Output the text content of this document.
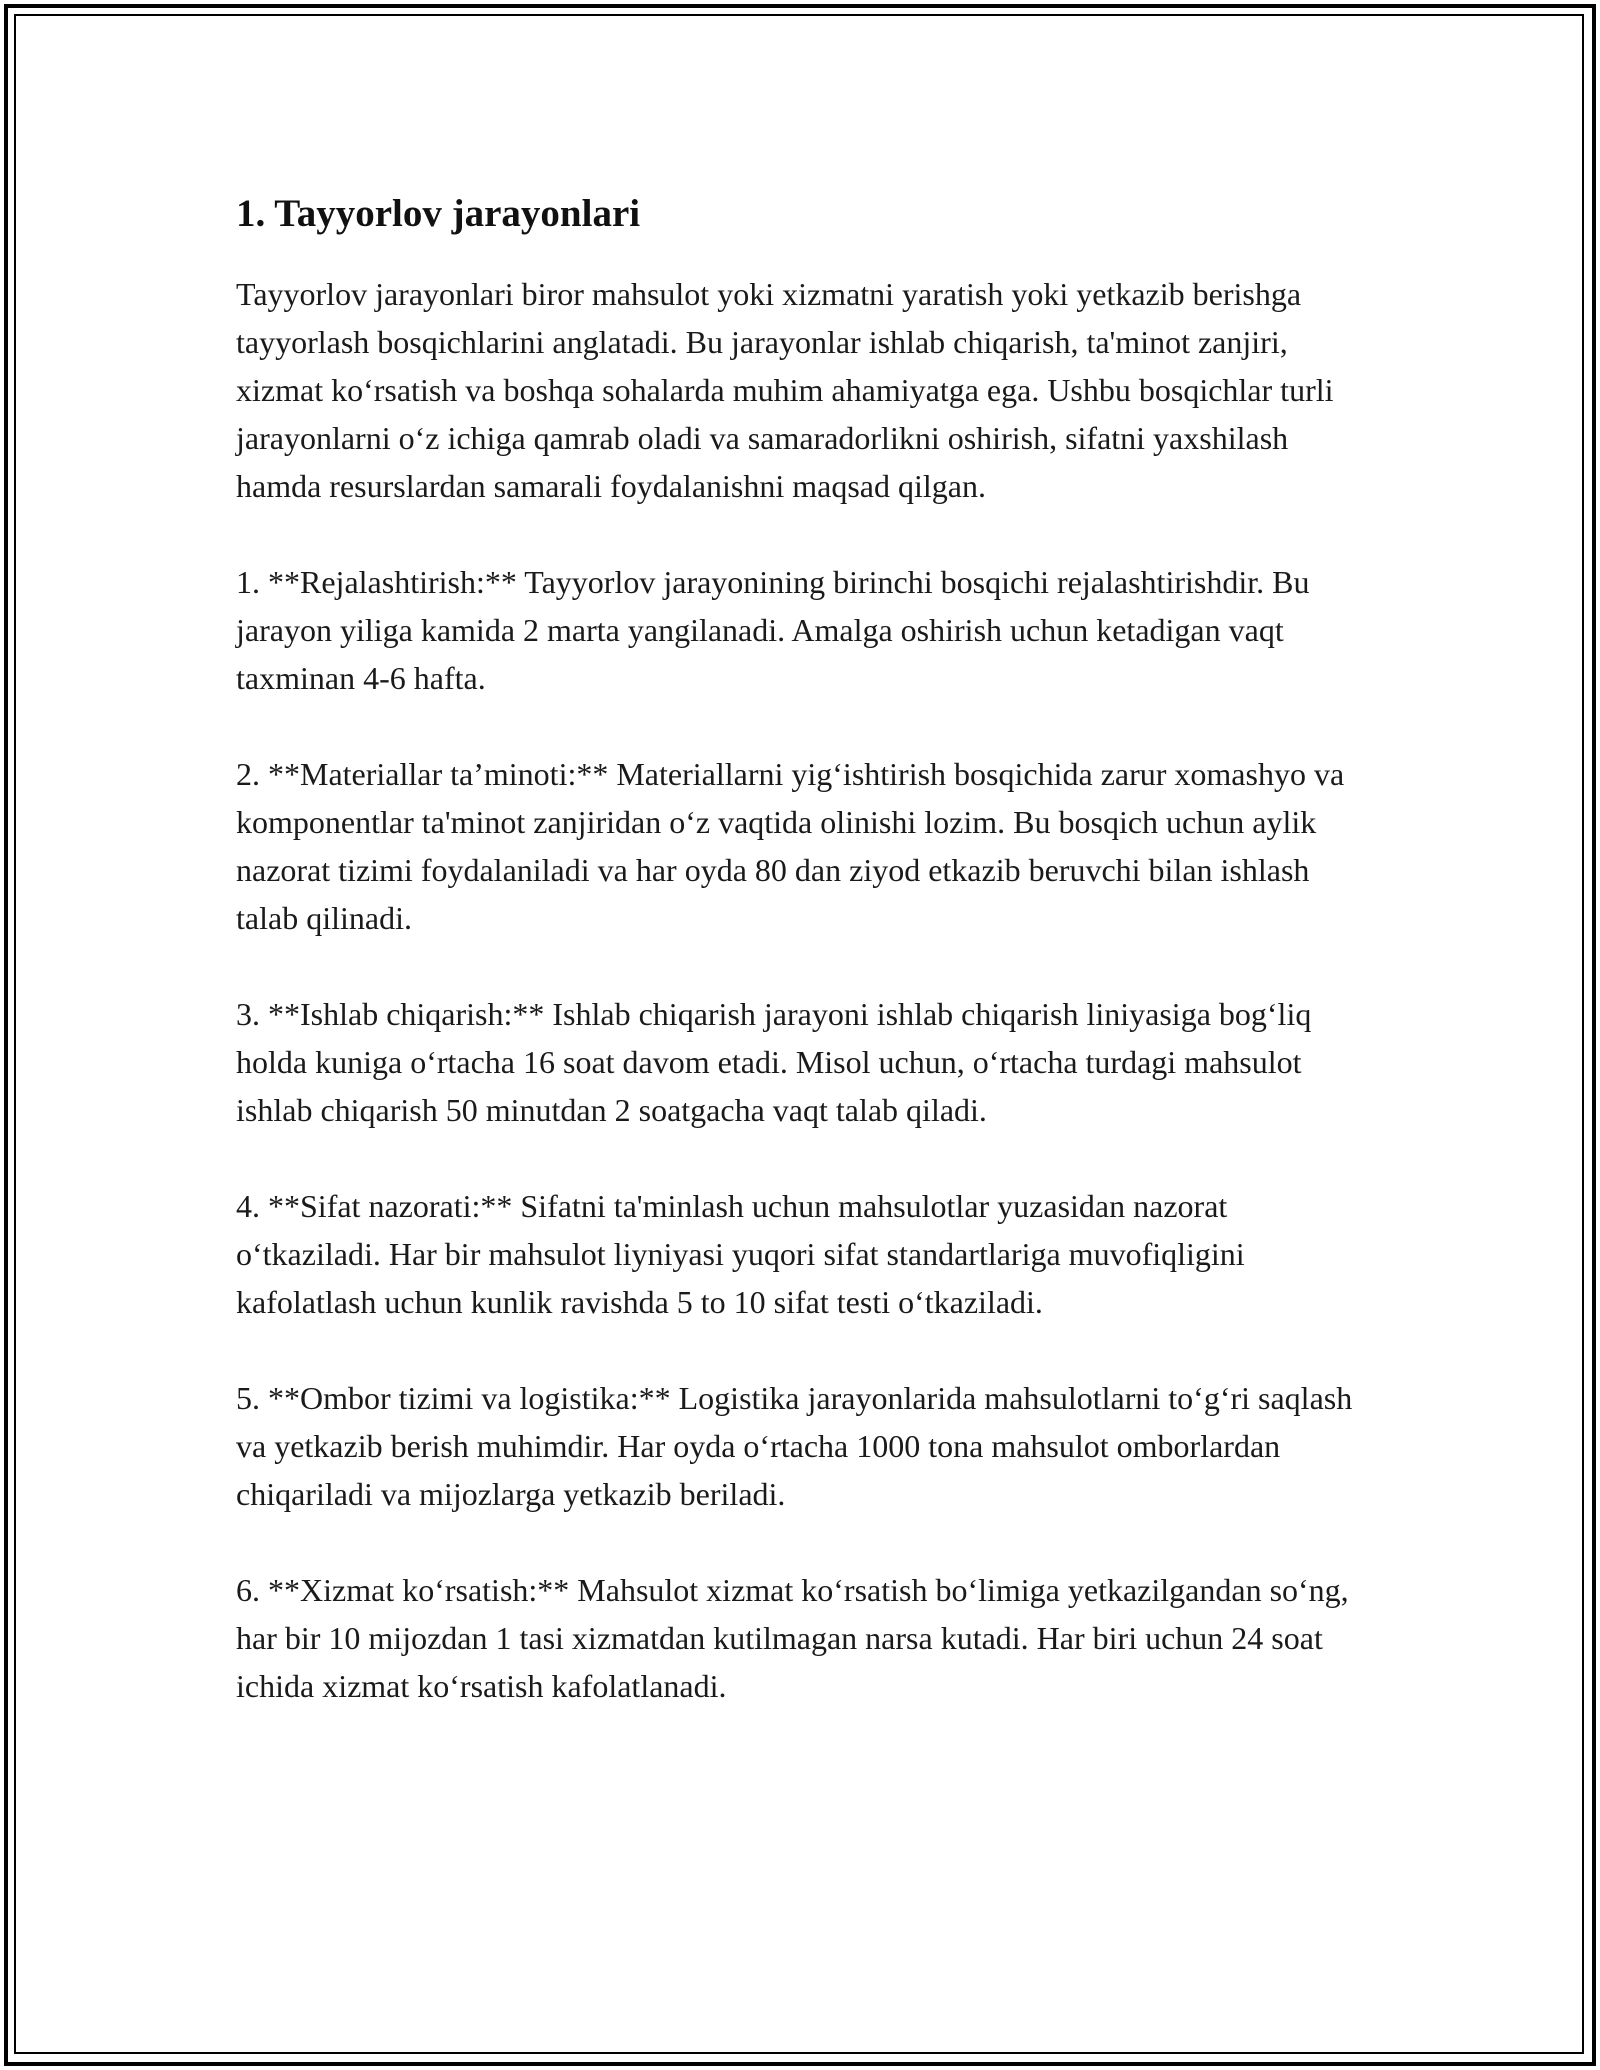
1. Tayyorlov jarayonlari

Tayyorlov jarayonlari biror mahsulot yoki xizmatni yaratish yoki yetkazib berishga tayyorlash bosqichlarini anglatadi. Bu jarayonlar ishlab chiqarish, ta'minot zanjiri, xizmat koʻrsatish va boshqa sohalarda muhim ahamiyatga ega. Ushbu bosqichlar turli jarayonlarni oʻz ichiga qamrab oladi va samaradorlikni oshirish, sifatni yaxshilash hamda resurslardan samarali foydalanishni maqsad qilgan.

1. **Rejalashtirish:** Tayyorlov jarayonining birinchi bosqichi rejalashtirishdir. Bu jarayon yiliga kamida 2 marta yangilanadi. Amalga oshirish uchun ketadigan vaqt taxminan 4-6 hafta.

2. **Materiallar ta’minoti:** Materiallarni yigʻishtirish bosqichida zarur xomashyo va komponentlar ta'minot zanjiridan oʻz vaqtida olinishi lozim. Bu bosqich uchun aylik nazorat tizimi foydalaniladi va har oyda 80 dan ziyod etkazib beruvchi bilan ishlash talab qilinadi.

3. **Ishlab chiqarish:** Ishlab chiqarish jarayoni ishlab chiqarish liniyasiga bogʻliq holda kuniga oʻrtacha 16 soat davom etadi. Misol uchun, oʻrtacha turdagi mahsulot ishlab chiqarish 50 minutdan 2 soatgacha vaqt talab qiladi.

4. **Sifat nazorati:** Sifatni ta'minlash uchun mahsulotlar yuzasidan nazorat oʻtkaziladi. Har bir mahsulot liyniyasi yuqori sifat standartlariga muvofiqligini kafolatlash uchun kunlik ravishda 5 to 10 sifat testi oʻtkaziladi.

5. **Ombor tizimi va logistika:** Logistika jarayonlarida mahsulotlarni toʻgʻri saqlash va yetkazib berish muhimdir. Har oyda oʻrtacha 1000 tona mahsulot omborlardan chiqariladi va mijozlarga yetkazib beriladi.

6. **Xizmat koʻrsatish:** Mahsulot xizmat koʻrsatish boʻlimiga yetkazilgandan soʻng, har bir 10 mijozdan 1 tasi xizmatdan kutilmagan narsa kutadi. Har biri uchun 24 soat ichida xizmat koʻrsatish kafolatlanadi.
